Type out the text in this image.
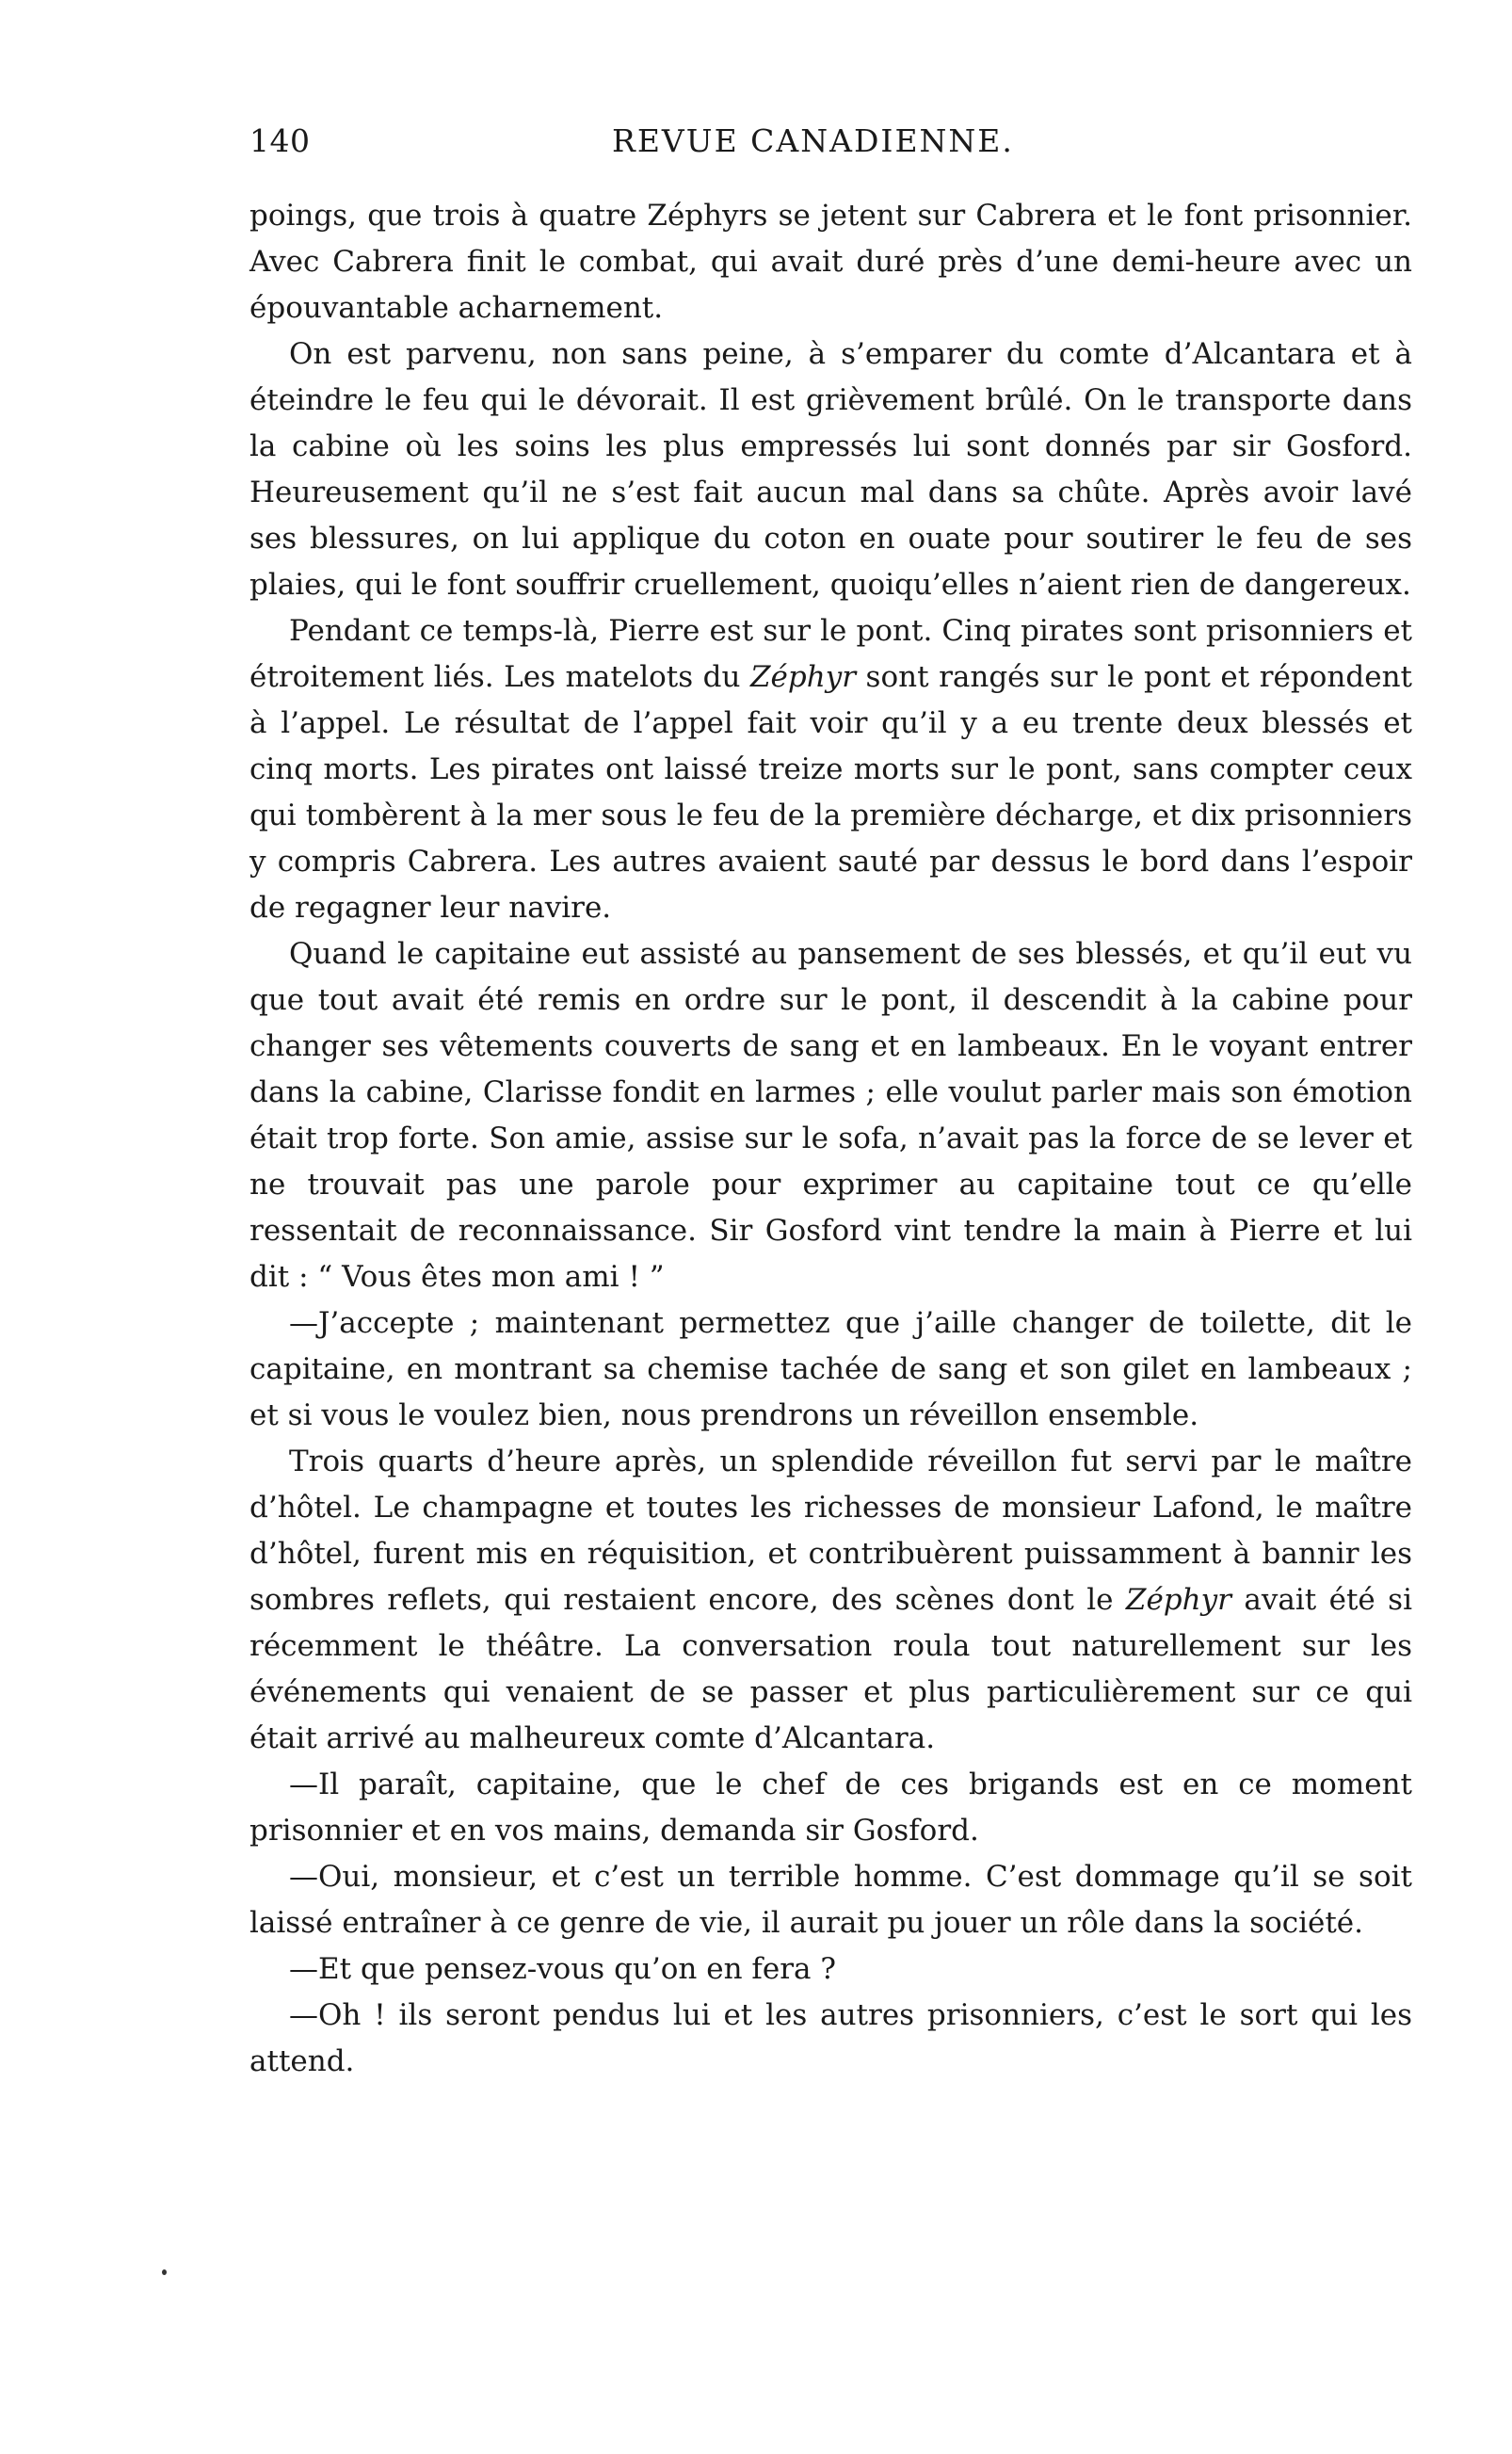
140	REVUE CANADIENNE.

poings, que trois à quatre Zéphyrs se jetent sur Cabrera et le font prisonnier. Avec Cabrera finit le combat, qui avait duré près d’une demi-heure avec un épouvantable acharnement.

On est parvenu, non sans peine, à s’emparer du comte d’Alcantara et à éteindre le feu qui le dévorait. Il est grièvement brûlé. On le transporte dans la cabine où les soins les plus empressés lui sont donnés par sir Gosford. Heureusement qu’il ne s’est fait aucun mal dans sa chûte. Après avoir lavé ses blessures, on lui applique du coton en ouate pour soutirer le feu de ses plaies, qui le font souffrir cruellement, quoiqu’elles n’aient rien de dangereux.

Pendant ce temps-là, Pierre est sur le pont. Cinq pirates sont prisonniers et étroitement liés. Les matelots du Zéphyr sont rangés sur le pont et répondent à l’appel. Le résultat de l’appel fait voir qu’il y a eu trente deux blessés et cinq morts. Les pirates ont laissé treize morts sur le pont, sans compter ceux qui tombèrent à la mer sous le feu de la première décharge, et dix prisonniers y compris Cabrera. Les autres avaient sauté par dessus le bord dans l’espoir de regagner leur navire.

Quand le capitaine eut assisté au pansement de ses blessés, et qu’il eut vu que tout avait été remis en ordre sur le pont, il descendit à la cabine pour changer ses vêtements couverts de sang et en lambeaux. En le voyant entrer dans la cabine, Clarisse fondit en larmes ; elle voulut parler mais son émotion était trop forte. Son amie, assise sur le sofa, n’avait pas la force de se lever et ne trouvait pas une parole pour exprimer au capitaine tout ce qu’elle ressentait de reconnaissance. Sir Gosford vint tendre la main à Pierre et lui dit : “ Vous êtes mon ami ! ”

—J’accepte ; maintenant permettez que j’aille changer de toilette, dit le capitaine, en montrant sa chemise tachée de sang et son gilet en lambeaux ; et si vous le voulez bien, nous prendrons un réveillon ensemble.

Trois quarts d’heure après, un splendide réveillon fut servi par le maître d’hôtel. Le champagne et toutes les richesses de monsieur Lafond, le maître d’hôtel, furent mis en réquisition, et contribuèrent puissamment à bannir les sombres reflets, qui restaient encore, des scènes dont le Zéphyr avait été si récemment le théâtre. La conversation roula tout naturellement sur les événements qui venaient de se passer et plus particulièrement sur ce qui était arrivé au malheureux comte d’Alcantara.

—Il paraît, capitaine, que le chef de ces brigands est en ce moment prisonnier et en vos mains, demanda sir Gosford.

—Oui, monsieur, et c’est un terrible homme. C’est dommage qu’il se soit laissé entraîner à ce genre de vie, il aurait pu jouer un rôle dans la société.

—Et que pensez-vous qu’on en fera ?

—Oh ! ils seront pendus lui et les autres prisonniers, c’est le sort qui les attend.
